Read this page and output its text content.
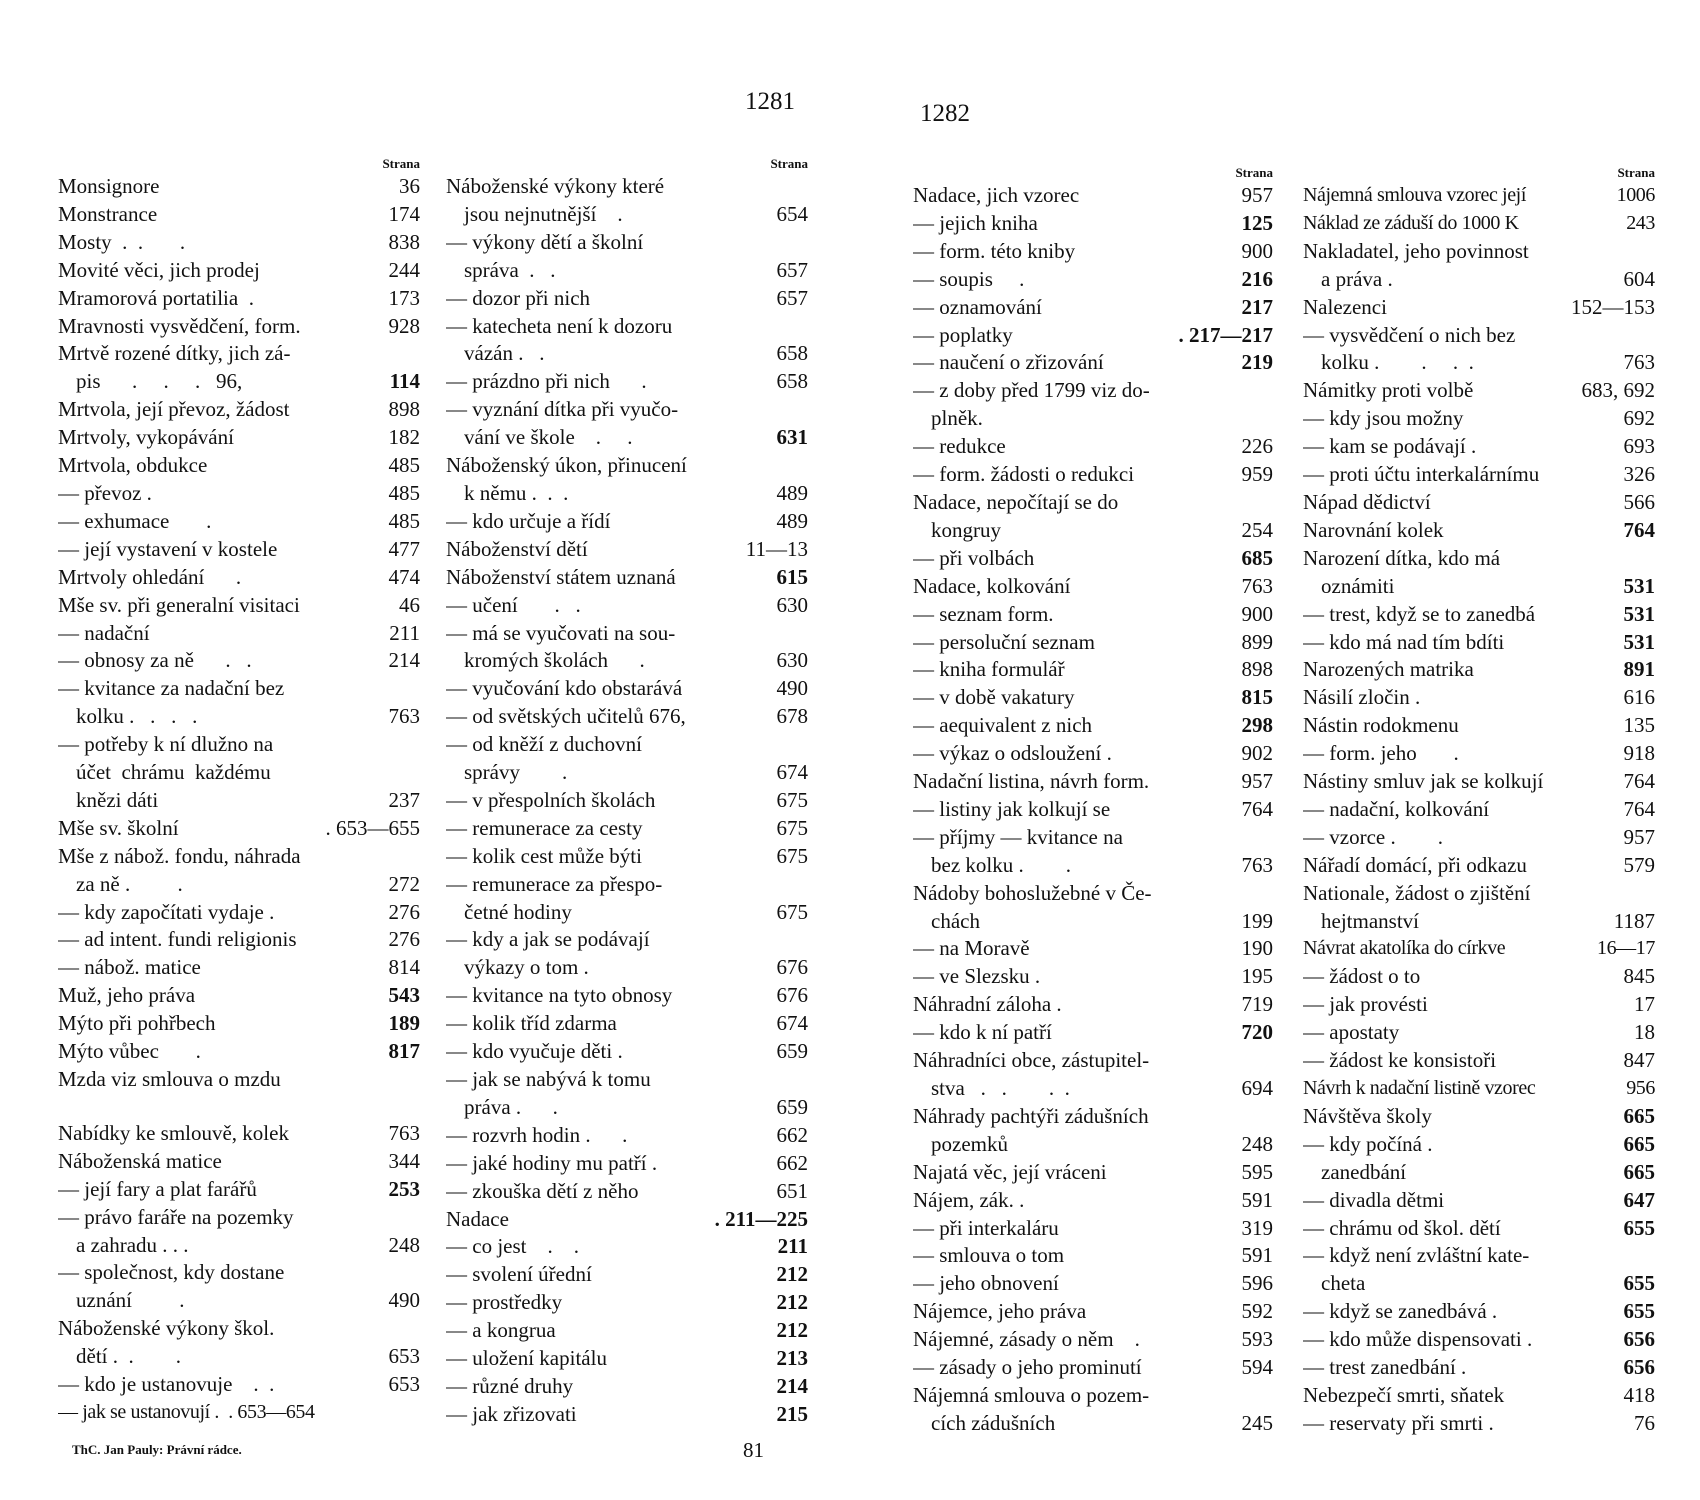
1281	1282
Strana
Monsignore	36
Monstrance	174
Mosty  .  .       .	838
Movité věci, jich prodej	244
Mramorová portatilia  .	173
Mravnosti vysvědčení, form.	928
Mrtvě rozené dítky, jich zá-
pis      .     .     .   96,	114
Mrtvola, její převoz, žádost	898
Mrtvoly, vykopávání	182
Mrtvola, obdukce	485
— převoz .	485
— exhumace       .	485
— její vystavení v kostele	477
Mrtvoly ohledání      .	474
Mše sv. při generalní visitaci	46
— nadační	211
— obnosy za ně      .   .	214
— kvitance za nadační bez
kolku .   .   .   .	763
— potřeby k ní dlužno na
účet  chrámu  každému
knězi dáti	237
Mše sv. školní	. 653—655
Mše z nábož. fondu, náhrada
za ně .         .	272
— kdy započítati vydaje .	276
— ad intent. fundi religionis	276
— nábož. matice	814
Muž, jeho práva	543
Mýto při pohřbech	189
Mýto vůbec       .	817
Mzda viz smlouva o mzdu
Nabídky ke smlouvě, kolek	763
Náboženská matice	344
— její fary a plat farářů	253
— právo faráře na pozemky
a zahradu . . .	248
— společnost, kdy dostane
uznání         .	490
Náboženské výkony škol.
dětí .  .        .	653
— kdo je ustanovuje    .  .	653
— jak se ustanovují .  . 653—654
Strana
Náboženské výkony které
jsou nejnutnější    .	654
— výkony dětí a školní
správa  .   .	657
— dozor při nich	657
— katecheta není k dozoru
vázán .   .	658
— prázdno při nich      .	658
— vyznání dítka při vyučo-
vání ve škole    .     .	631
Náboženský úkon, přinucení
k němu .  .  .	489
— kdo určuje a řídí	489
Náboženství dětí	11—13
Náboženství státem uznaná	615
— učení       .   .	630
— má se vyučovati na sou-
kromých školách      .	630
— vyučování kdo obstarává	490
— od světských učitelů 676,	678
— od kněží z duchovní
správy        .	674
— v přespolních školách	675
— remunerace za cesty	675
— kolik cest může býti	675
— remunerace za přespo-
četné hodiny	675
— kdy a jak se podávají
výkazy o tom .	676
— kvitance na tyto obnosy	676
— kolik tříd zdarma	674
— kdo vyučuje děti .	659
— jak se nabývá k tomu
práva .      .	659
— rozvrh hodin .      .	662
— jaké hodiny mu patří .	662
— zkouška dětí z něho	651
Nadace	. 211—225
— co jest    .    .	211
— svolení úřední	212
— prostředky	212
— a kongrua	212
— uložení kapitálu	213
— různé druhy	214
— jak zřizovati	215
Strana
Nadace, jich vzorec	957
— jejich kniha	125
— form. této kniby	900
— soupis     .	216
— oznamování	217
— poplatky	. 217—217
— naučení o zřizování	219
— z doby před 1799 viz do-
plněk.
— redukce	226
— form. žádosti o redukci	959
Nadace, nepočítají se do
kongruy	254
— při volbách	685
Nadace, kolkování	763
— seznam form.	900
— persoluční seznam	899
— kniha formulář	898
— v době vakatury	815
— aequivalent z nich	298
— výkaz o odsloužení .	902
Nadační listina, návrh form.	957
— listiny jak kolkují se	764
— příjmy — kvitance na
bez kolku .        .	763
Nádoby bohoslužebné v Če-
chách	199
— na Moravě	190
— ve Slezsku .	195
Náhradní záloha .	719
— kdo k ní patří	720
Náhradníci obce, zástupitel-
stva   .   .        .  .	694
Náhrady pachtýři zádušních
pozemků	248
Najatá věc, její vráceni	595
Nájem, zák. .	591
— při interkaláru	319
— smlouva o tom	591
— jeho obnovení	596
Nájemce, jeho práva	592
Nájemné, zásady o něm    .	593
— zásady o jeho prominutí	594
Nájemná smlouva o pozem-
cích zádušních	245
Strana
Nájemná smlouva vzorec její	1006
Náklad ze záduší do 1000 K	243
Nakladatel, jeho povinnost
a práva .	604
Nalezenci	152—153
— vysvědčení o nich bez
kolku .        .     .  .	763
Námitky proti volbě	683, 692
— kdy jsou možny	692
— kam se podávají .	693
— proti účtu interkalárnímu	326
Nápad dědictví	566
Narovnání kolek	764
Narození dítka, kdo má
oznámiti	531
— trest, když se to zanedbá	531
— kdo má nad tím bdíti	531
Narozených matrika	891
Násilí zločin .	616
Nástin rodokmenu	135
— form. jeho       .	918
Nástiny smluv jak se kolkují	764
— nadační, kolkování	764
— vzorce .        .	957
Nářadí domácí, při odkazu	579
Nationale, žádost o zjištění
hejtmanství	1187
Návrat akatolíka do církve	16—17
— žádost o to	845
— jak provésti	17
— apostaty	18
— žádost ke konsistoři	847
Návrh k nadační listině vzorec	956
Návštěva školy	665
— kdy počíná .	665
zanedbání	665
— divadla dětmi	647
— chrámu od škol. dětí	655
— když není zvláštní kate-
cheta	655
— když se zanedbává .	655
— kdo může dispensovati .	656
— trest zanedbání .	656
Nebezpečí smrti, sňatek	418
— reservaty při smrti .	76
ThC. Jan Pauly: Právní rádce.	81
